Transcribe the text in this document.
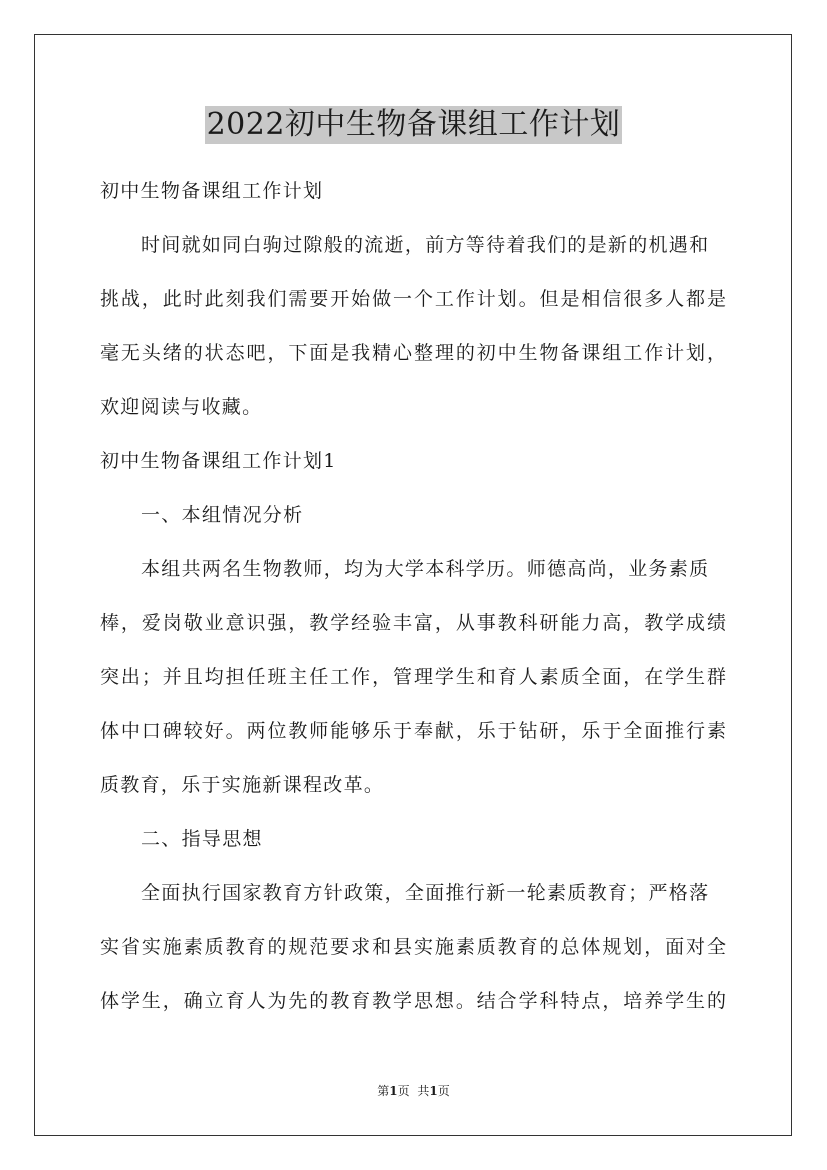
2022初中生物备课组工作计划
初中生物备课组工作计划
时间就如同白驹过隙般的流逝，前方等待着我们的是新的机遇和
挑战，此时此刻我们需要开始做一个工作计划。但是相信很多人都是
毫无头绪的状态吧，下面是我精心整理的初中生物备课组工作计划，
欢迎阅读与收藏。
初中生物备课组工作计划1
一、本组情况分析
本组共两名生物教师，均为大学本科学历。师德高尚，业务素质
棒，爱岗敬业意识强，教学经验丰富，从事教科研能力高，教学成绩
突出；并且均担任班主任工作，管理学生和育人素质全面，在学生群
体中口碑较好。两位教师能够乐于奉献，乐于钻研，乐于全面推行素
质教育，乐于实施新课程改革。
二、指导思想
全面执行国家教育方针政策，全面推行新一轮素质教育；严格落
实省实施素质教育的规范要求和县实施素质教育的总体规划，面对全
体学生，确立育人为先的教育教学思想。结合学科特点，培养学生的
第1页 共1页
